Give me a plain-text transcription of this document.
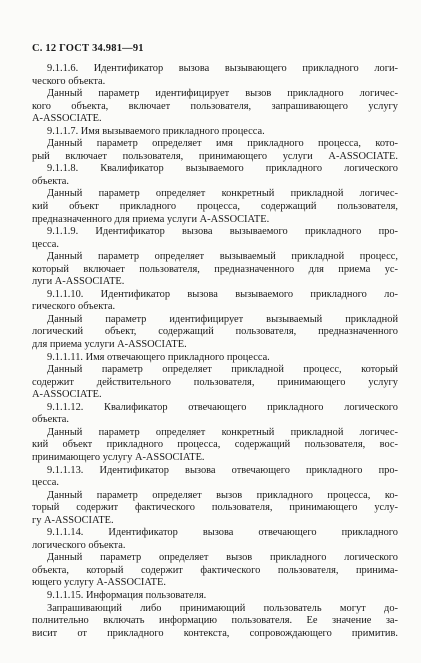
С. 12 ГОСТ 34.981—91
9.1.1.6. Идентификатор вызова вызывающего прикладного логи-
ческого объекта.
Данный параметр идентифицирует вызов прикладного логичес-
кого объекта, включает пользователя, запрашивающего услугу
A-ASSOCIATE.
9.1.1.7. Имя вызываемого прикладного процесса.
Данный параметр определяет имя прикладного процесса, кото-
рый включает пользователя, принимающего услуги A-ASSOCIATE.
9.1.1.8. Квалификатор вызываемого прикладного логического
объекта.
Данный параметр определяет конкретный прикладной логичес-
кий объект прикладного процесса, содержащий пользователя,
предназначенного для приема услуги A-ASSOCIATE.
9.1.1.9. Идентификатор вызова вызываемого прикладного про-
цесса.
Данный параметр определяет вызываемый прикладной процесс,
который включает пользователя, предназначенного для приема ус-
луги A-ASSOCIATE.
9.1.1.10. Идентификатор вызова вызываемого прикладного ло-
гического объекта.
Данный параметр идентифицирует вызываемый прикладной
логический объект, содержащий пользователя, предназначенного
для приема услуги A-ASSOCIATE.
9.1.1.11. Имя отвечающего прикладного процесса.
Данный параметр определяет прикладной процесс, который
содержит действительного пользователя, принимающего услугу
A-ASSOCIATE.
9.1.1.12. Квалификатор отвечающего прикладного логического
объекта.
Данный параметр определяет конкретный прикладной логичес-
кий объект прикладного процесса, содержащий пользователя, вос-
принимающего услугу A-ASSOCIATE.
9.1.1.13. Идентификатор вызова отвечающего прикладного про-
цесса.
Данный параметр определяет вызов прикладного процесса, ко-
торый содержит фактического пользователя, принимающего услу-
гу A-ASSOCIATE.
9.1.1.14. Идентификатор вызова отвечающего прикладного
логического объекта.
Данный параметр определяет вызов прикладного логического
объекта, который содержит фактического пользователя, принима-
ющего услугу A-ASSOCIATE.
9.1.1.15. Информация пользователя.
Запрашивающий либо принимающий пользователь могут до-
полнительно включать информацию пользователя. Ее значение за-
висит от прикладного контекста, сопровождающего примитив.
